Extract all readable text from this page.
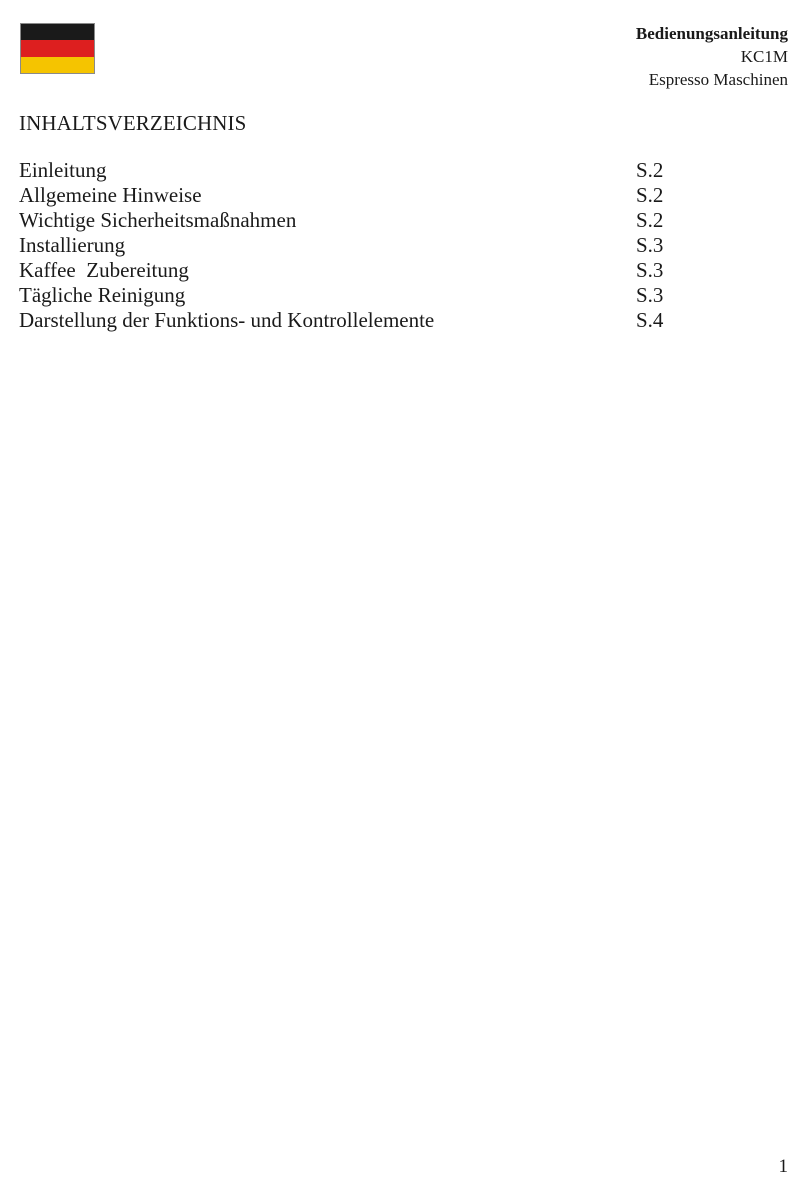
Bedienungsanleitung
KC1M
Espresso Maschinen
INHALTSVERZEICHNIS
Einleitung	S.2
Allgemeine Hinweise	S.2
Wichtige Sicherheitsmaßnahmen	S.2
Installierung	S.3
Kaffee  Zubereitung	S.3
Tägliche Reinigung	S.3
Darstellung der Funktions- und Kontrollelemente	S.4
1
